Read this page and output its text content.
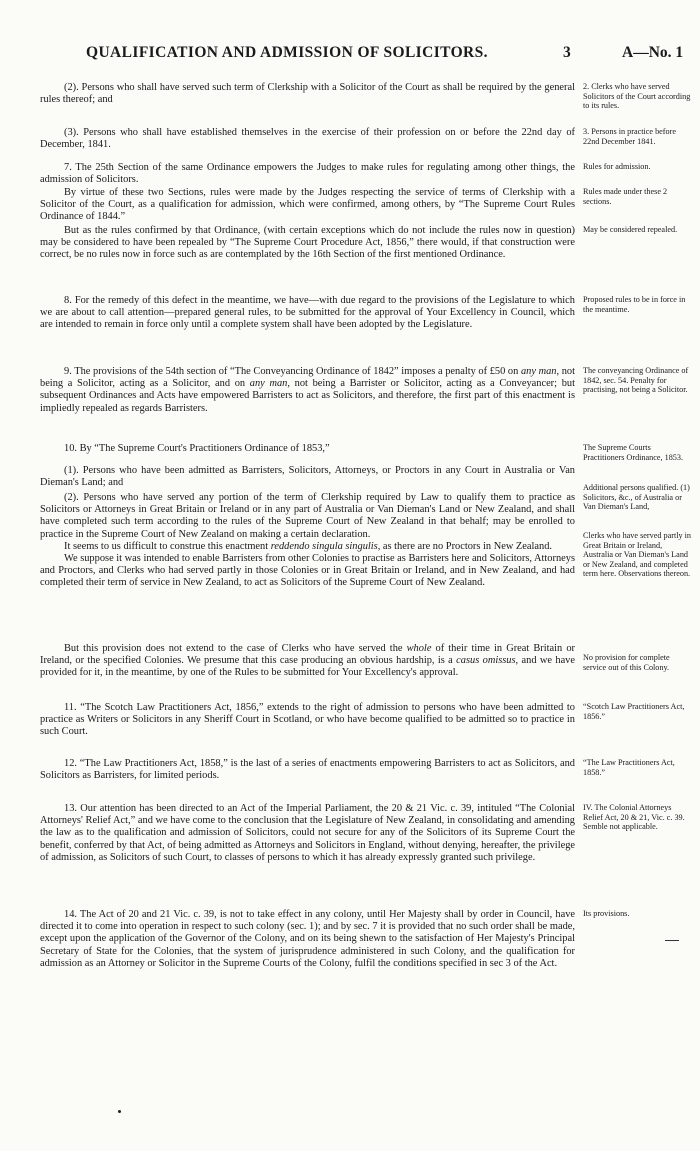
QUALIFICATION AND ADMISSION OF SOLICITORS.	3	A—No. 1

(2). Persons who shall have served such term of Clerkship with a Solicitor of the Court as shall be required by the general rules thereof; and

2. Clerks who have served Solicitors of the Court according to its rules.

(3). Persons who shall have established themselves in the exercise of their profession on or before the 22nd day of December, 1841.

3. Persons in practice before 22nd December 1841.

7. The 25th Section of the same Ordinance empowers the Judges to make rules for regulating among other things, the admission of Solicitors.

Rules for admission.

By virtue of these two Sections, rules were made by the Judges respecting the service of terms of Clerkship with a Solicitor of the Court, as a qualification for admission, which were confirmed, among others, by “The Supreme Court Rules Ordinance of 1844.”

Rules made under these 2 sections.

But as the rules confirmed by that Ordinance, (with certain exceptions which do not include the rules now in question) may be considered to have been repealed by “The Supreme Court Procedure Act, 1856,” there would, if that construction were correct, be no rules now in force such as are contemplated by the 16th Section of the first mentioned Ordinance.

May be considered repealed.

8. For the remedy of this defect in the meantime, we have—with due regard to the provisions of the Legislature to which we are about to call attention—prepared general rules, to be submitted for the approval of Your Excellency in Council, which are intended to remain in force only until a complete system shall have been adopted by the Legislature.

Proposed rules to be in force in the meantime.

9. The provisions of the 54th section of “The Conveyancing Ordinance of 1842” imposes a penalty of £50 on any man, not being a Solicitor, acting as a Solicitor, and on any man, not being a Barrister or Solicitor, acting as a Conveyancer; but subsequent Ordinances and Acts have empowered Barristers to act as Solicitors, and therefore, the first part of this enactment is impliedly repealed as regards Barristers.

The conveyancing Ordinance of 1842, sec. 54. Penalty for practising, not being a Solicitor.

10. By “The Supreme Court's Practitioners Ordinance of 1853,”	The Supreme Courts Practitioners Ordinance, 1853.

(1). Persons who have been admitted as Barristers, Solicitors, Attorneys, or Proctors in any Court in Australia or Van Dieman's Land; and	Additional persons qualified. (1) Solicitors, &c., of Australia or Van Dieman's Land,

(2). Persons who have served any portion of the term of Clerkship required by Law to qualify them to practice as Solicitors or Attorneys in Great Britain or Ireland or in any part of Australia or Van Dieman's Land or New Zealand, and shall have completed such term according to the rules of the Supreme Court of New Zealand in that behalf; may be enrolled to practice in the Supreme Court of New Zealand on making a certain declaration.

It seems to us difficult to construe this enactment reddendo singula singulis, as there are no Proctors in New Zealand.

We suppose it was intended to enable Barristers from other Colonies to practise as Barristers here and Solicitors, Attorneys and Proctors, and Clerks who had served partly in those Colonies or in Great Britain or Ireland, and in New Zealand, and had completed their term of service in New Zealand, to act as Solicitors of the Supreme Court of New Zealand.

Clerks who have served partly in Great Britain or Ireland, Australia or Van Dieman's Land or New Zealand, and completed term here. Observations thereon.

But this provision does not extend to the case of Clerks who have served the whole of their time in Great Britain or Ireland, or the specified Colonies. We presume that this case producing an obvious hardship, is a casus omissus, and we have provided for it, in the meantime, by one of the Rules to be submitted for Your Excellency's approval.

No provision for complete service out of this Colony.

11. “The Scotch Law Practitioners Act, 1856,” extends to the right of admission to persons who have been admitted to practice as Writers or Solicitors in any Sheriff Court in Scotland, or who have become qualified to be admitted so to practice in such Court.

“Scotch Law Practitioners Act, 1856.”

12. “The Law Practitioners Act, 1858,” is the last of a series of enactments empowering Barristers to act as Solicitors, and Solicitors as Barristers, for limited periods.

“The Law Practitioners Act, 1858.”

13. Our attention has been directed to an Act of the Imperial Parliament, the 20 & 21 Vic. c. 39, intituled “The Colonial Attorneys' Relief Act,” and we have come to the conclusion that the Legislature of New Zealand, in consolidating and amending the law as to the qualification and admission of Solicitors, could not secure for any of the Solicitors of its Supreme Court the benefit, conferred by that Act, of being admitted as Attorneys and Solicitors in England, without denying, hereafter, the privilege of admission, as Solicitors of such Court, to classes of persons to which it has already expressly granted such privilege.

IV. The Colonial Attorneys Relief Act, 20 & 21, Vic. c. 39. Semble not applicable.

14. The Act of 20 and 21 Vic. c. 39, is not to take effect in any colony, until Her Majesty shall by order in Council, have directed it to come into operation in respect to such colony (sec. 1); and by sec. 7 it is provided that no such order shall be made, except upon the application of the Governor of the Colony, and on its being shewn to the satisfaction of Her Majesty's Principal Secretary of State for the Colonies, that the system of jurisprudence administered in such Colony, and the qualification for admission as an Attorney or Solicitor in the Supreme Courts of the Colony, fulfil the conditions specified in sec 3 of the Act.

Its provisions.
